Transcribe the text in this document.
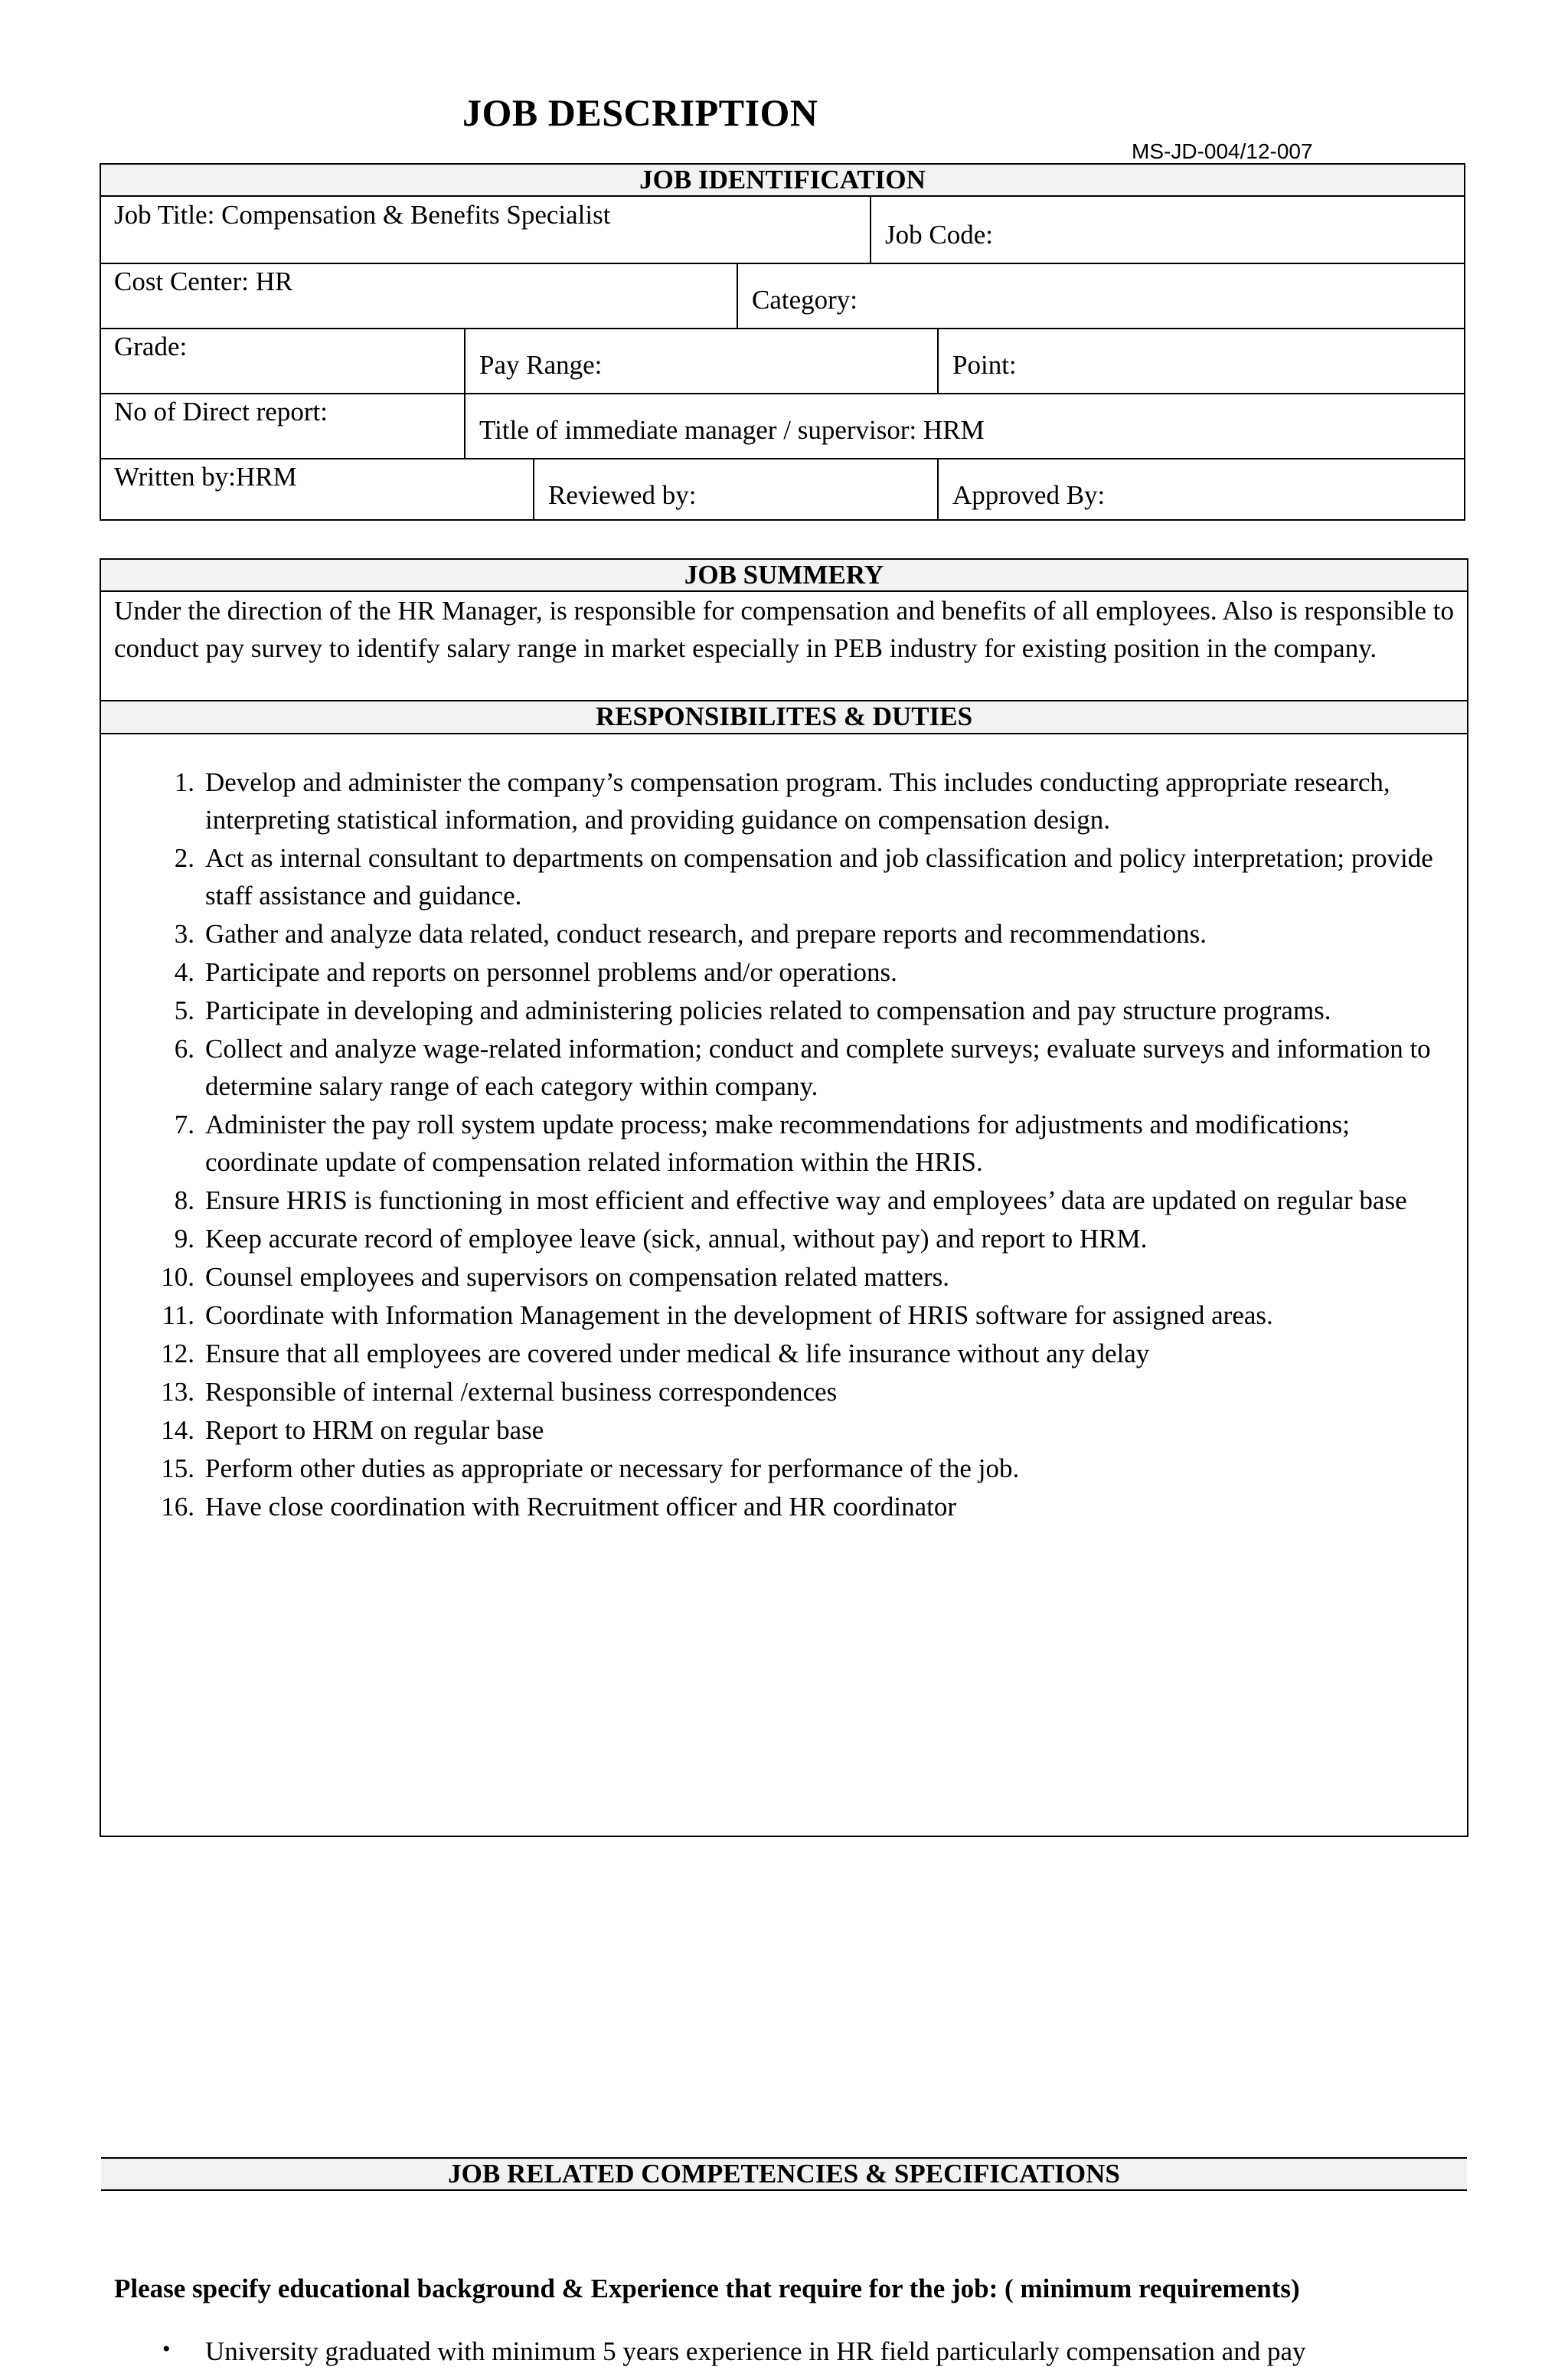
JOB DESCRIPTION
MS-JD-004/12-007
JOB IDENTIFICATION
Job Title: Compensation & Benefits Specialist
Job Code:
Cost Center: HR
Category:
Grade:
Pay Range:	Point:
No of Direct report:
Title of immediate manager / supervisor: HRM
Written by:HRM
Reviewed by:	Approved By:
JOB SUMMERY
Under the direction of the HR Manager, is responsible for compensation and benefits of all employees. Also is responsible to conduct pay survey to identify salary range in market especially in PEB industry for existing position in the company.
RESPONSIBILITES & DUTIES
1. Develop and administer the company’s compensation program. This includes conducting appropriate research, interpreting statistical information, and providing guidance on compensation design.
2. Act as internal consultant to departments on compensation and job classification and policy interpretation; provide staff assistance and guidance.
3. Gather and analyze data related, conduct research, and prepare reports and recommendations.
4. Participate and reports on personnel problems and/or operations.
5. Participate in developing and administering policies related to compensation and pay structure programs.
6. Collect and analyze wage-related information; conduct and complete surveys; evaluate surveys and information to determine salary range of each category within company.
7. Administer the pay roll system update process; make recommendations for adjustments and modifications; coordinate update of compensation related information within the HRIS.
8. Ensure HRIS is functioning in most efficient and effective way and employees’ data are updated on regular base
9. Keep accurate record of employee leave (sick, annual, without pay) and report to HRM.
10. Counsel employees and supervisors on compensation related matters.
11. Coordinate with Information Management in the development of HRIS software for assigned areas.
12. Ensure that all employees are covered under medical & life insurance without any delay
13. Responsible of internal /external business correspondences
14. Report to HRM on regular base
15. Perform other duties as appropriate or necessary for performance of the job.
16. Have close coordination with Recruitment officer and HR coordinator
JOB RELATED COMPETENCIES & SPECIFICATIONS
Please specify educational background & Experience that require for the job: ( minimum requirements)
• University graduated with minimum 5 years experience in HR field particularly compensation and pay
